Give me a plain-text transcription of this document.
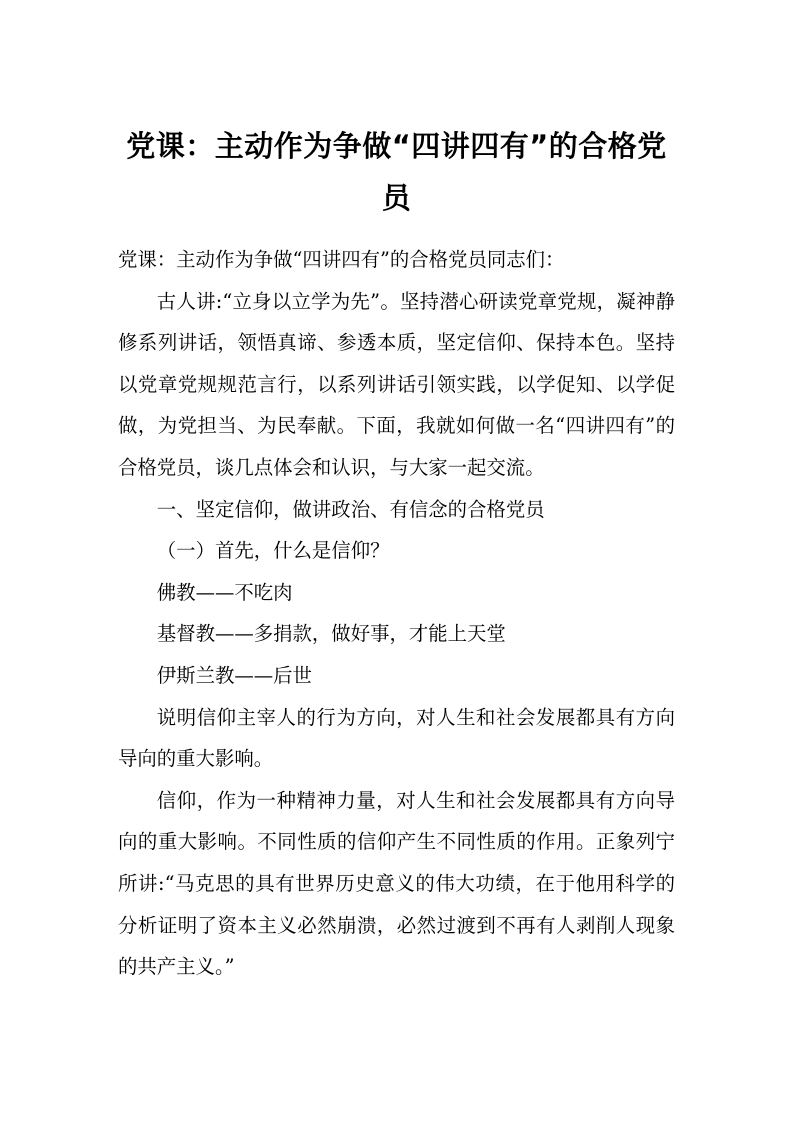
党课：主动作为争做“四讲四有”的合格党员

党课：主动作为争做“四讲四有”的合格党员同志们：

古人讲:“立身以立学为先”。坚持潜心研读党章党规，凝神静修系列讲话，领悟真谛、参透本质，坚定信仰、保持本色。坚持以党章党规规范言行，以系列讲话引领实践，以学促知、以学促做，为党担当、为民奉献。下面，我就如何做一名“四讲四有”的合格党员，谈几点体会和认识，与大家一起交流。

一、坚定信仰，做讲政治、有信念的合格党员

（一）首先，什么是信仰？

佛教——不吃肉

基督教——多捐款，做好事，才能上天堂

伊斯兰教——后世

说明信仰主宰人的行为方向，对人生和社会发展都具有方向导向的重大影响。

信仰，作为一种精神力量，对人生和社会发展都具有方向导向的重大影响。不同性质的信仰产生不同性质的作用。正象列宁所讲:“马克思的具有世界历史意义的伟大功绩，在于他用科学的分析证明了资本主义必然崩溃，必然过渡到不再有人剥削人现象的共产主义。”
